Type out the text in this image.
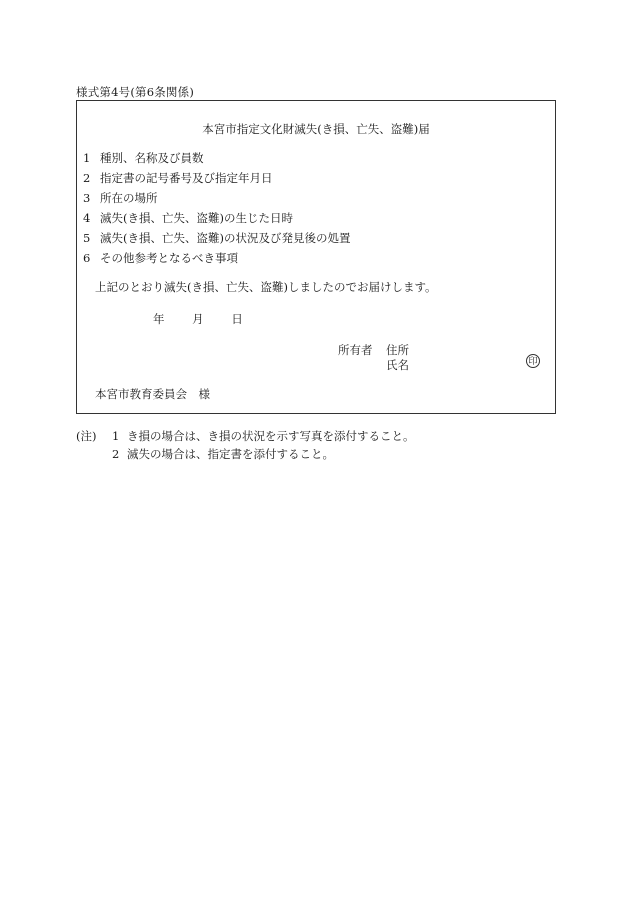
様式第4号(第6条関係)
本宮市指定文化財滅失(き損、亡失、盗難)届
1 種別、名称及び員数
2 指定書の記号番号及び指定年月日
3 所在の場所
4 滅失(き損、亡失、盗難)の生じた日時
5 滅失(き損、亡失、盗難)の状況及び発見後の処置
6 その他参考となるべき事項
上記のとおり滅失(き損、亡失、盗難)しましたのでお届けします。
年 月 日
所有者 住所
氏名	印
本宮市教育委員会　様
(注) 1 き損の場合は、き損の状況を示す写真を添付すること。
2 滅失の場合は、指定書を添付すること。
